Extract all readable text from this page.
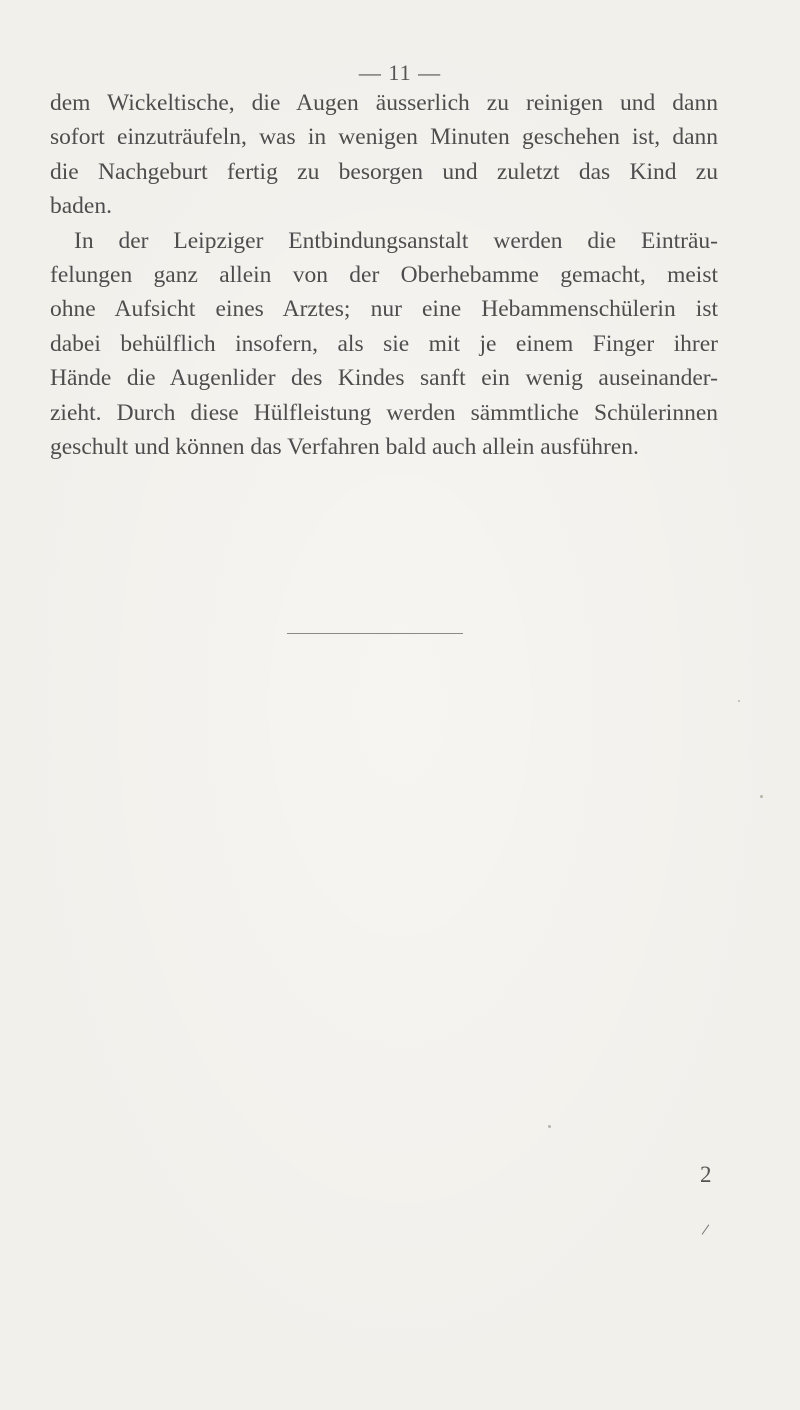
— 11 —
dem Wickeltische, die Augen äusserlich zu reinigen und dann
sofort einzuträufeln, was in wenigen Minuten geschehen ist, dann
die Nachgeburt fertig zu besorgen und zuletzt das Kind zu
baden.
In der Leipziger Entbindungsanstalt werden die Einträu-
felungen ganz allein von der Oberhebamme gemacht, meist
ohne Aufsicht eines Arztes; nur eine Hebammenschülerin ist
dabei behülflich insofern, als sie mit je einem Finger ihrer
Hände die Augenlider des Kindes sanft ein wenig auseinander-
zieht. Durch diese Hülfleistung werden sämmtliche Schülerinnen
geschult und können das Verfahren bald auch allein ausführen.
2
